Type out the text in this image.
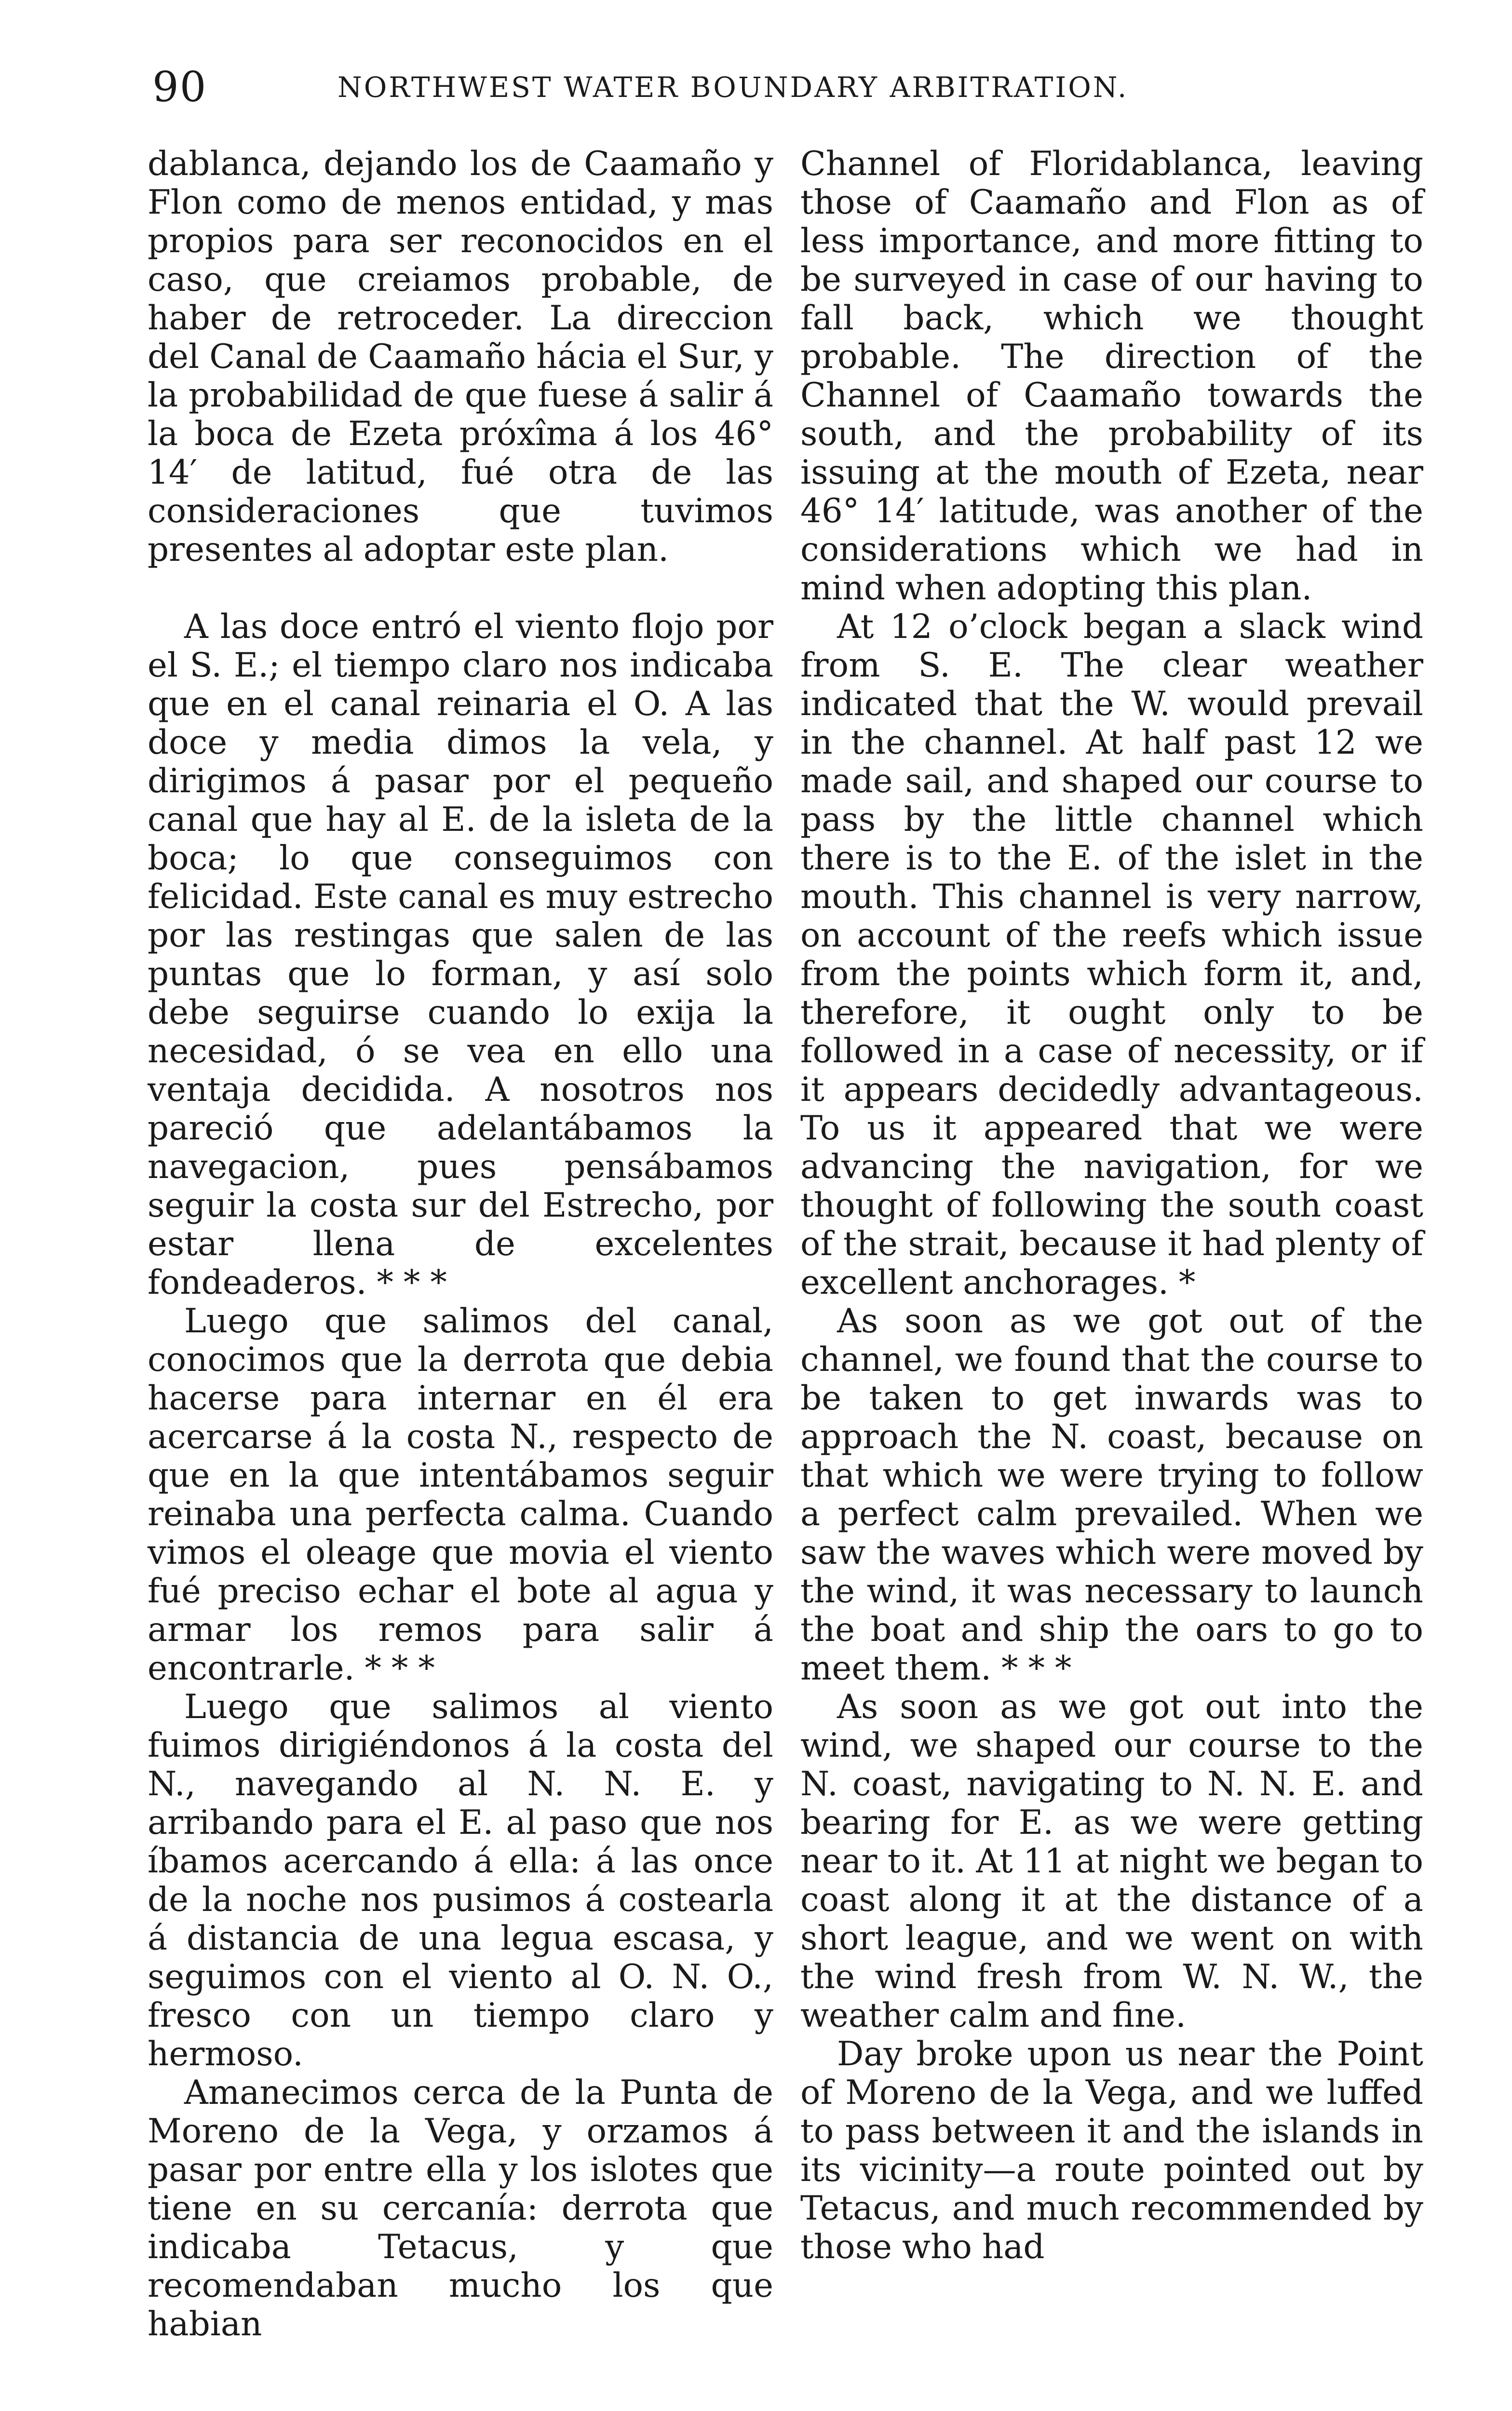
90	NORTHWEST WATER BOUNDARY ARBITRATION.

dablanca, dejando los de Caamaño y Flon como de menos entidad, y mas propios para ser reconocidos en el caso, que creiamos probable, de haber de retroceder. La direccion del Canal de Caamaño hácia el Sur, y la probabilidad de que fuese á salir á la boca de Ezeta próxîma á los 46° 14′ de latitud, fué otra de las consideraciones que tuvimos presentes al adoptar este plan.

A las doce entró el viento flojo por el S. E.; el tiempo claro nos indicaba que en el canal reinaria el O. A las doce y media dimos la vela, y dirigimos á pasar por el pequeño canal que hay al E. de la isleta de la boca; lo que conseguimos con felicidad. Este canal es muy estrecho por las restingas que salen de las puntas que lo forman, y así solo debe seguirse cuando lo exija la necesidad, ó se vea en ello una ventaja decidida. A nosotros nos pareció que adelantábamos la navegacion, pues pensábamos seguir la costa sur del Estrecho, por estar llena de excelentes fondeaderos. * * *

Luego que salimos del canal, conocimos que la derrota que debia hacerse para internar en él era acercarse á la costa N., respecto de que en la que intentábamos seguir reinaba una perfecta calma. Cuando vimos el oleage que movia el viento fué preciso echar el bote al agua y armar los remos para salir á encontrarle. * * *

Luego que salimos al viento fuimos dirigiéndonos á la costa del N., navegando al N. N. E. y arribando para el E. al paso que nos íbamos acercando á ella: á las once de la noche nos pusimos á costearla á distancia de una legua escasa, y seguimos con el viento al O. N. O., fresco con un tiempo claro y hermoso.

Amanecimos cerca de la Punta de Moreno de la Vega, y orzamos á pasar por entre ella y los islotes que tiene en su cercanía: derrota que indicaba Tetacus, y que recomendaban mucho los que habian

Channel of Floridablanca, leaving those of Caamaño and Flon as of less importance, and more fitting to be surveyed in case of our having to fall back, which we thought probable. The direction of the Channel of Caamaño towards the south, and the probability of its issuing at the mouth of Ezeta, near 46° 14′ latitude, was another of the considerations which we had in mind when adopting this plan.

At 12 o’clock began a slack wind from S. E. The clear weather indicated that the W. would prevail in the channel. At half past 12 we made sail, and shaped our course to pass by the little channel which there is to the E. of the islet in the mouth. This channel is very narrow, on account of the reefs which issue from the points which form it, and, therefore, it ought only to be followed in a case of necessity, or if it appears decidedly advantageous. To us it appeared that we were advancing the navigation, for we thought of following the south coast of the strait, because it had plenty of excellent anchorages. *

As soon as we got out of the channel, we found that the course to be taken to get inwards was to approach the N. coast, because on that which we were trying to follow a perfect calm prevailed. When we saw the waves which were moved by the wind, it was necessary to launch the boat and ship the oars to go to meet them. * * *

As soon as we got out into the wind, we shaped our course to the N. coast, navigating to N. N. E. and bearing for E. as we were getting near to it. At 11 at night we began to coast along it at the distance of a short league, and we went on with the wind fresh from W. N. W., the weather calm and fine.

Day broke upon us near the Point of Moreno de la Vega, and we luffed to pass between it and the islands in its vicinity—a route pointed out by Tetacus, and much recommended by those who had
